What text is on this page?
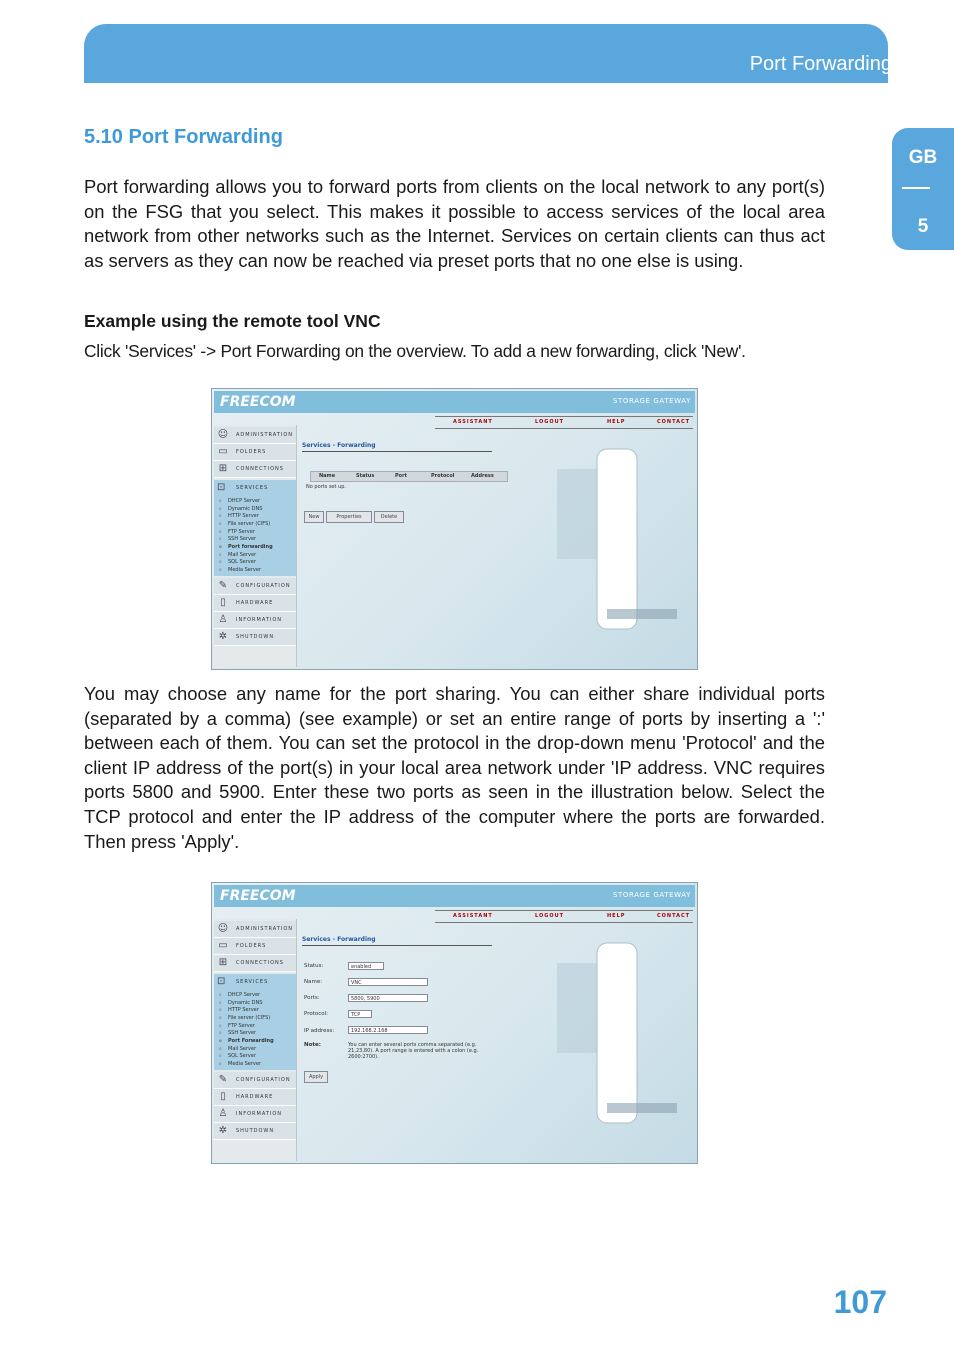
Port Forwarding
GB
5
5.10 Port Forwarding

Port forwarding allows you to forward ports from clients on the local network to any port(s) on the FSG that you select. This makes it possible to access services of the local area network from other networks such as the Internet. Services on certain clients can thus act as servers as they can now be reached via preset ports that no one else is using.

Example using the remote tool VNC
Click 'Services' -> Port Forwarding on the overview. To add a new forwarding, click 'New'.
FREECOM	STORAGE GATEWAY
ASSISTANT	LOGOUT	HELP	CONTACT
☺ ADMINISTRATION
▭ FOLDERS
⊞	CONNECTIONS
⊡ SERVICES
o DHCP Server
o Dynamic DNS
o HTTP Server
o File server (CIFS)
o FTP Server
o SSH Server
o Port forwarding
o Mail Server
o SQL Server
o Media Server
✎	CONFIGURATION
▯	HARDWARE
♙	INFORMATION
✲	SHUTDOWN
Services - Forwarding
Name	Status	Port	Protocol	Address
No ports set up.
New	Properties	Delete

You may choose any name for the port sharing. You can either share individual ports (separated by a comma) (see example) or set an entire range of ports by inserting a ':' between each of them. You can set the protocol in the drop-down menu 'Protocol' and the client IP address of the port(s) in your local area network under 'IP address. VNC requires ports 5800 and 5900. Enter these two ports as seen in the illustration below. Select the TCP protocol and enter the IP address of the computer where the ports are forwarded. Then press 'Apply'.

FREECOM	STORAGE GATEWAY
ASSISTANT	LOGOUT	HELP	CONTACT
☺ ADMINISTRATION
▭ FOLDERS
⊞	CONNECTIONS
⊡ SERVICES
o DHCP Server
o Dynamic DNS
o HTTP Server
o File server (CIFS)
o FTP Server
o SSH Server
o Port Forwarding
o Mail Server
o SQL Server
o Media Server
✎	CONFIGURATION
▯	HARDWARE
♙	INFORMATION
✲	SHUTDOWN
Services - Forwarding
Status:	enabled
Name:	VNC
Ports:	5800, 5900
Protocol:	TCP
IP address:	192.168.2.168
Note:	You can enter several ports comma separated (e.g. 21,23,80). A port range is entered with a colon (e.g. 2600:2700).
Apply
107
